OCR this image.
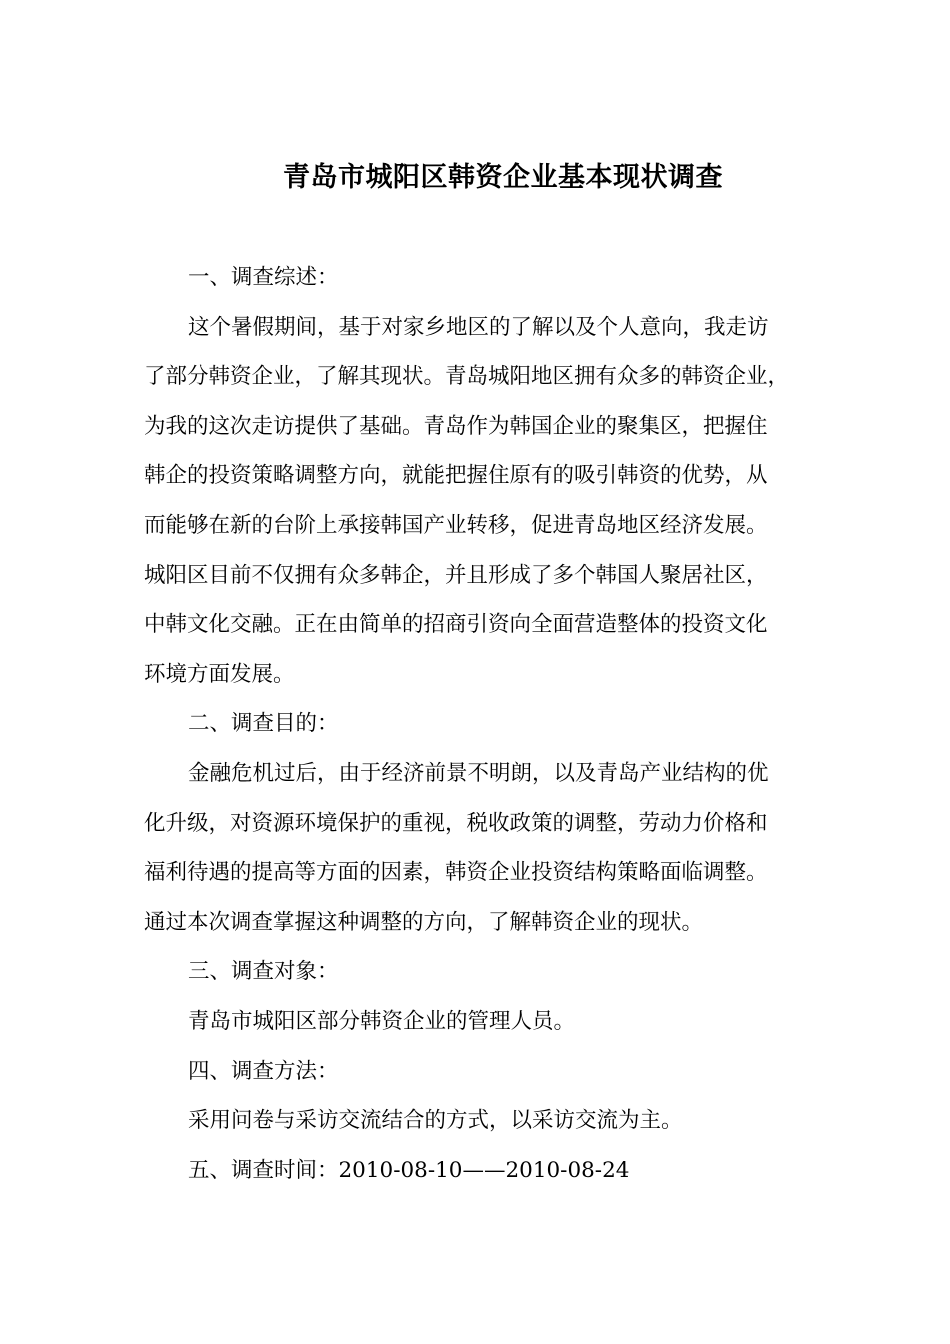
青岛市城阳区韩资企业基本现状调查

一、调查综述：

这个暑假期间，基于对家乡地区的了解以及个人意向，我走访

了部分韩资企业，了解其现状。青岛城阳地区拥有众多的韩资企业，
为我的这次走访提供了基础。青岛作为韩国企业的聚集区，把握住
韩企的投资策略调整方向，就能把握住原有的吸引韩资的优势，从
而能够在新的台阶上承接韩国产业转移，促进青岛地区经济发展。
城阳区目前不仅拥有众多韩企，并且形成了多个韩国人聚居社区，
中韩文化交融。正在由简单的招商引资向全面营造整体的投资文化
环境方面发展。

二、调查目的：

金融危机过后，由于经济前景不明朗，以及青岛产业结构的优

化升级，对资源环境保护的重视，税收政策的调整，劳动力价格和
福利待遇的提高等方面的因素，韩资企业投资结构策略面临调整。
通过本次调查掌握这种调整的方向，了解韩资企业的现状。

三、调查对象：

青岛市城阳区部分韩资企业的管理人员。

四、调查方法：

采用问卷与采访交流结合的方式，以采访交流为主。

五、调查时间：2010-08-10——2010-08-24
